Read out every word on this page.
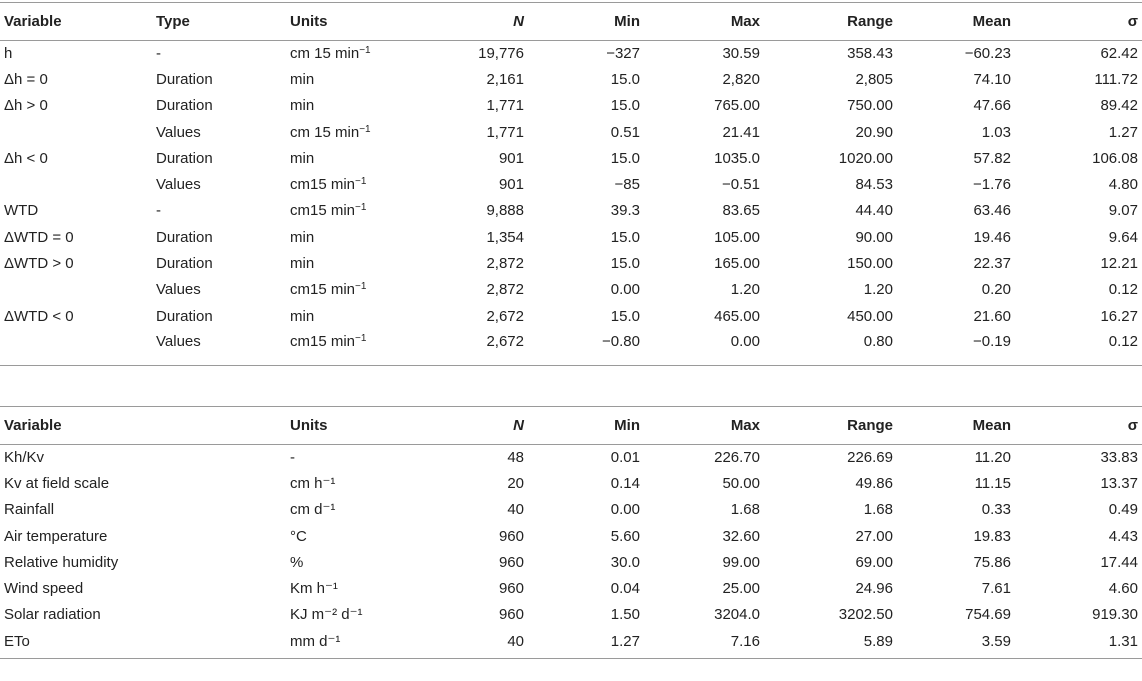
Variable	Type	Units	N	Min	Max	Range	Mean	σ
h	-	cm 15 $\min^{-1}$	19,776	−327	30.59	358.43	−60.23	62.42
Δh = 0	Duration	min	2,161	15.0	2,820	2,805	74.10	111.72
Δh > 0	Duration	min	1,771	15.0	765.00	750.00	47.66	89.42
	Values	cm 15 $\min^{-1}$	1,771	0.51	21.41	20.90	1.03	1.27
Δh < 0	Duration	min	901	15.0	1035.0	1020.00	57.82	106.08
	Values	cm15 $\min^{-1}$	901	−85	−0.51	84.53	−1.76	4.80
WTD	-	cm15 $\min^{-1}$	9,888	39.3	83.65	44.40	63.46	9.07
ΔWTD = 0	Duration	min	1,354	15.0	105.00	90.00	19.46	9.64
ΔWTD > 0	Duration	min	2,872	15.0	165.00	150.00	22.37	12.21
	Values	cm15 $\min^{-1}$	2,872	0.00	1.20	1.20	0.20	0.12
ΔWTD < 0	Duration	min	2,672	15.0	465.00	450.00	21.60	16.27
	Values	cm15 $\min^{-1}$	2,672	−0.80	0.00	0.80	−0.19	0.12
Variable	Units	N	Min	Max	Range	Mean	σ
Kh/Kv	-	48	0.01	226.70	226.69	11.20	33.83
Kv at field scale	cm h⁻¹	20	0.14	50.00	49.86	11.15	13.37
Rainfall	cm d⁻¹	40	0.00	1.68	1.68	0.33	0.49
Air temperature	°C	960	5.60	32.60	27.00	19.83	4.43
Relative humidity	%	960	30.0	99.00	69.00	75.86	17.44
Wind speed	Km h⁻¹	960	0.04	25.00	24.96	7.61	4.60
Solar radiation	KJ m⁻² d⁻¹	960	1.50	3204.0	3202.50	754.69	919.30
ETo	mm d⁻¹	40	1.27	7.16	5.89	3.59	1.31
